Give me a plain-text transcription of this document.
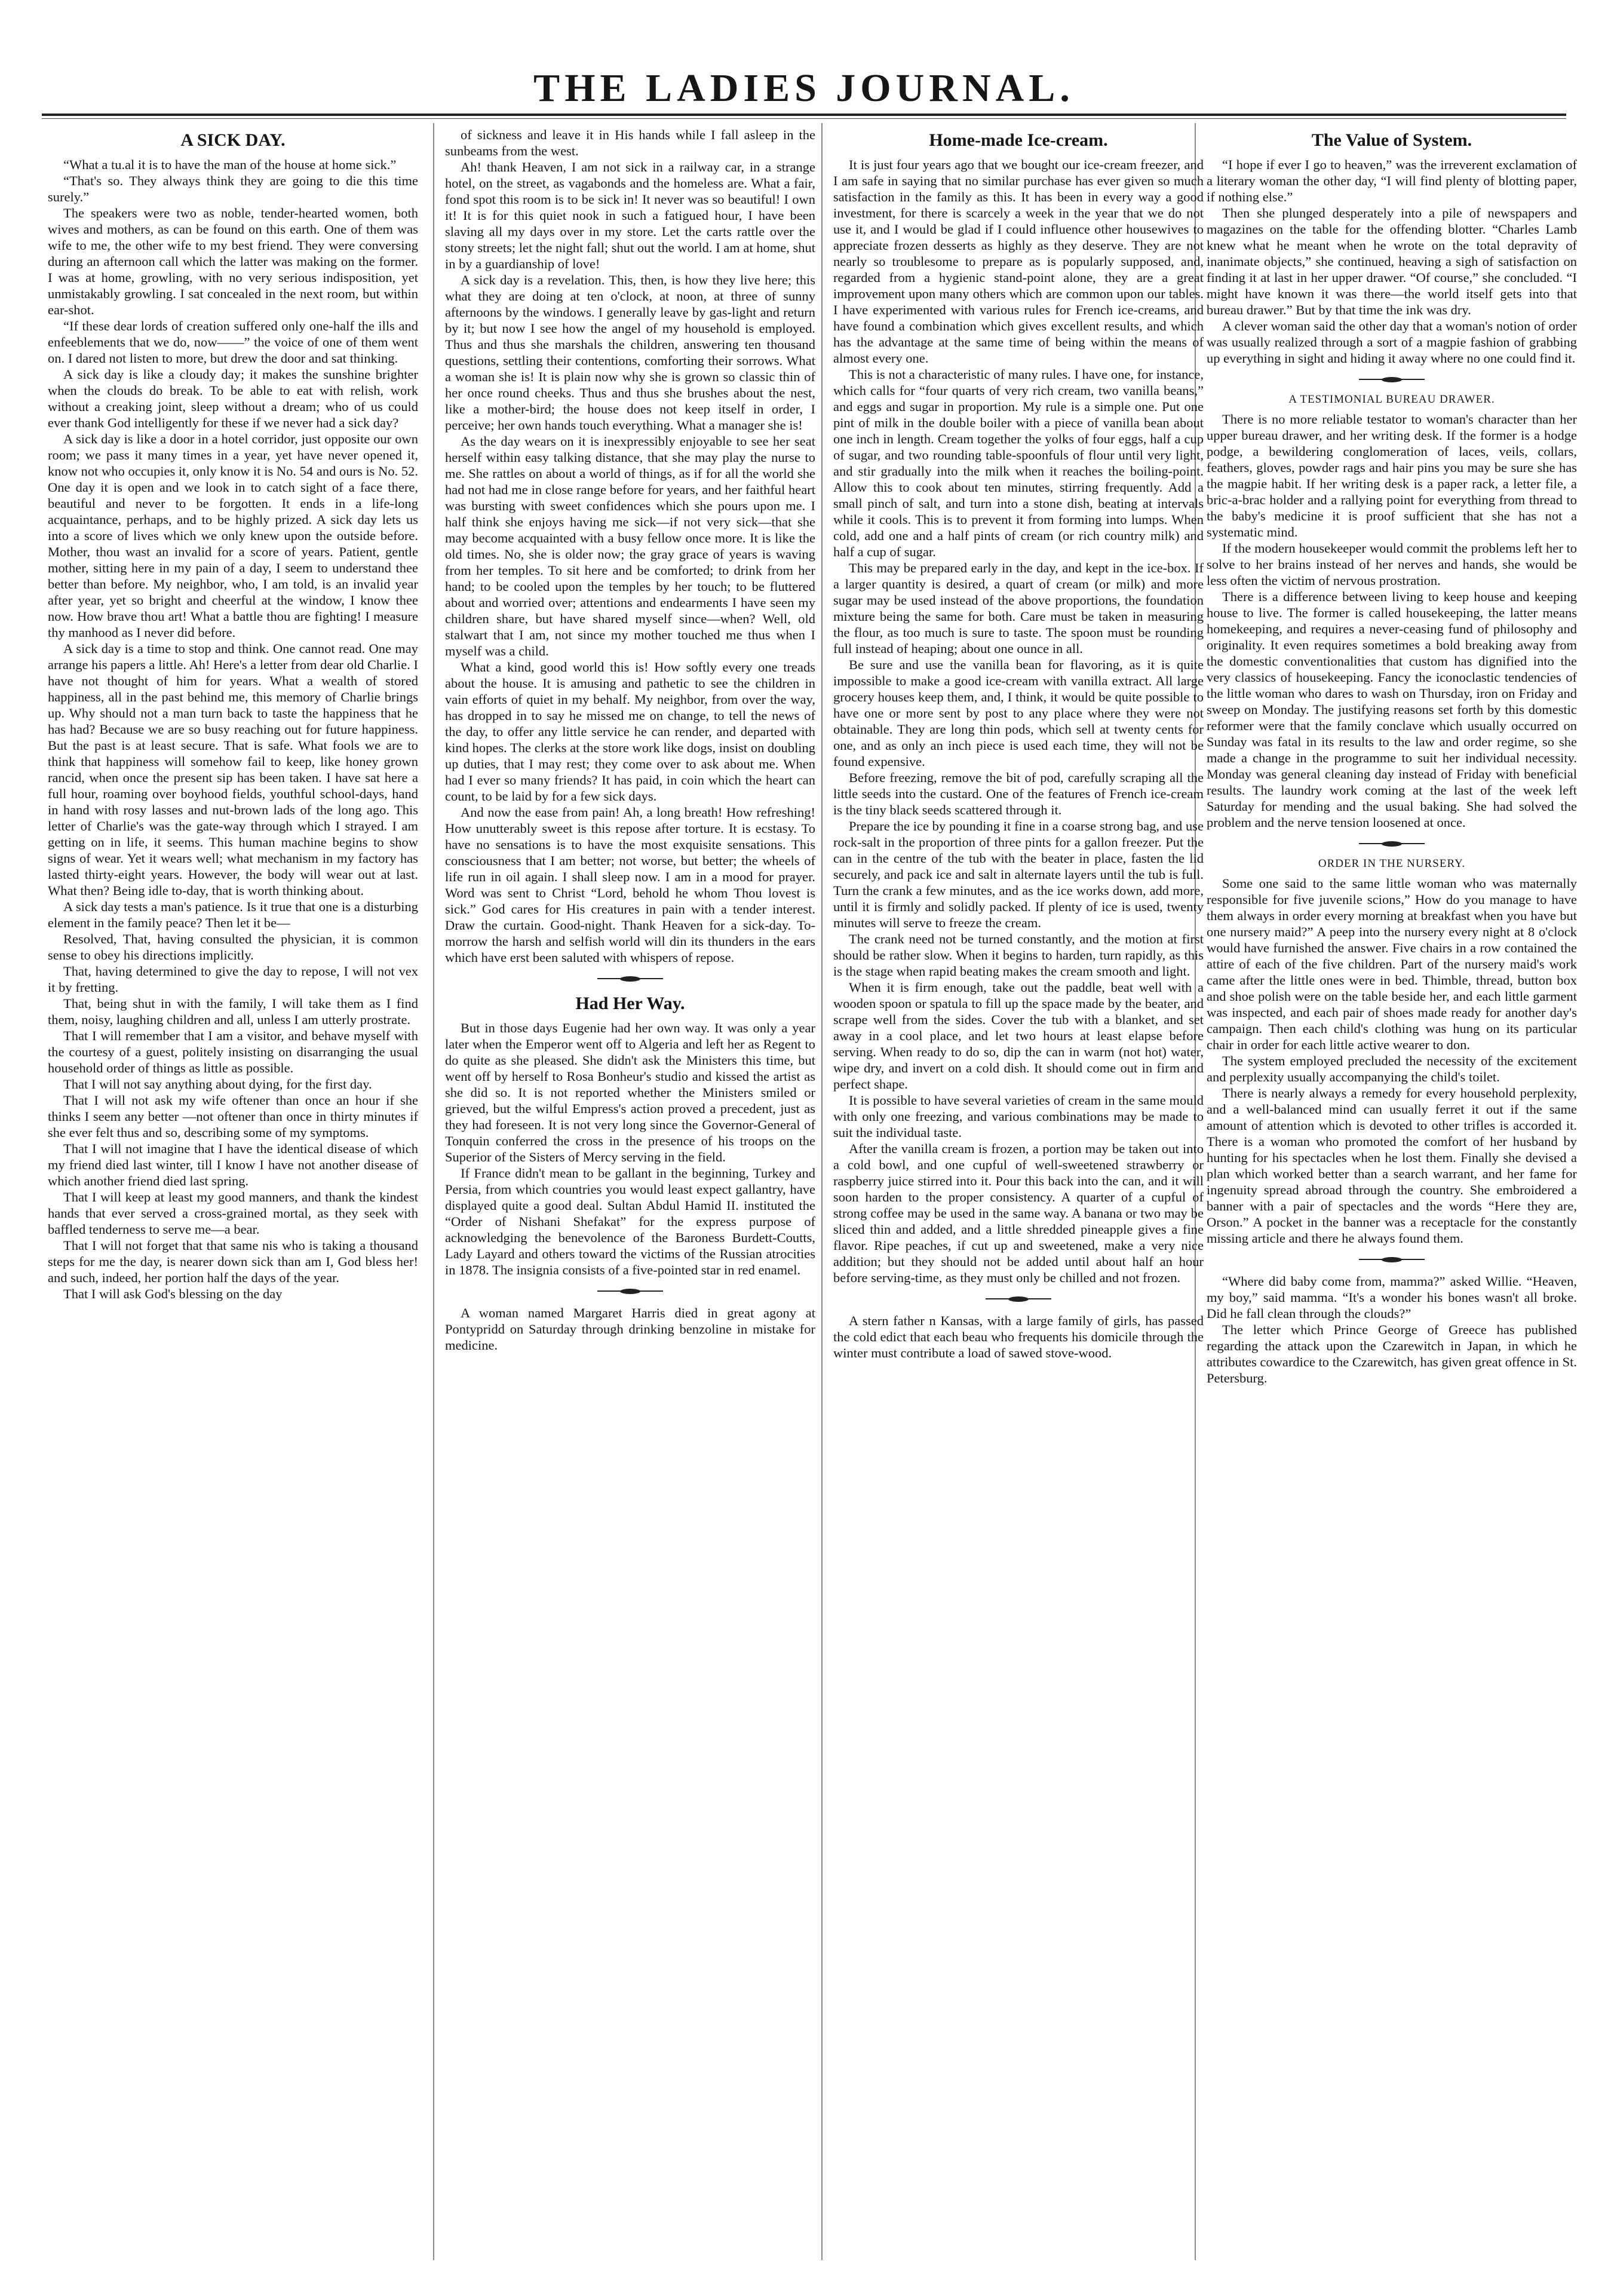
THE LADIES JOURNAL.
A SICK DAY.

“What a tu.al it is to have the man of the house at home sick.”

“That's so. They always think they are going to die this time surely.”

The speakers were two as noble, tender-hearted women, both wives and mothers, as can be found on this earth. One of them was wife to me, the other wife to my best friend. They were conversing during an afternoon call which the latter was making on the former. I was at home, growling, with no very serious indisposition, yet unmistakably growling. I sat concealed in the next room, but within ear-shot.

“If these dear lords of creation suffered only one-half the ills and enfeeblements that we do, now——” the voice of one of them went on. I dared not listen to more, but drew the door and sat thinking.

A sick day is like a cloudy day; it makes the sunshine brighter when the clouds do break. To be able to eat with relish, work without a creaking joint, sleep without a dream; who of us could ever thank God intelligently for these if we never had a sick day?

A sick day is like a door in a hotel corridor, just opposite our own room; we pass it many times in a year, yet have never opened it, know not who occupies it, only know it is No. 54 and ours is No. 52. One day it is open and we look in to catch sight of a face there, beautiful and never to be forgotten. It ends in a life-long acquaintance, perhaps, and to be highly prized. A sick day lets us into a score of lives which we only knew upon the outside before. Mother, thou wast an invalid for a score of years. Patient, gentle mother, sitting here in my pain of a day, I seem to understand thee better than before. My neighbor, who, I am told, is an invalid year after year, yet so bright and cheerful at the window, I know thee now. How brave thou art! What a battle thou are fighting! I measure thy manhood as I never did before.

A sick day is a time to stop and think. One cannot read. One may arrange his papers a little. Ah! Here's a letter from dear old Charlie. I have not thought of him for years. What a wealth of stored happiness, all in the past behind me, this memory of Charlie brings up. Why should not a man turn back to taste the happiness that he has had? Because we are so busy reaching out for future happiness. But the past is at least secure. That is safe. What fools we are to think that happiness will somehow fail to keep, like honey grown rancid, when once the present sip has been taken. I have sat here a full hour, roaming over boyhood fields, youthful school-days, hand in hand with rosy lasses and nut-brown lads of the long ago. This letter of Charlie's was the gate-way through which I strayed. I am getting on in life, it seems. This human machine begins to show signs of wear. Yet it wears well; what mechanism in my factory has lasted thirty-eight years. However, the body will wear out at last. What then? Being idle to-day, that is worth thinking about.

A sick day tests a man's patience. Is it true that one is a disturbing element in the family peace? Then let it be—

Resolved, That, having consulted the physician, it is common sense to obey his directions implicitly.

That, having determined to give the day to repose, I will not vex it by fretting.

That, being shut in with the family, I will take them as I find them, noisy, laughing children and all, unless I am utterly prostrate.

That I will remember that I am a visitor, and behave myself with the courtesy of a guest, politely insisting on disarranging the usual household order of things as little as possible.

That I will not say anything about dying, for the first day.

That I will not ask my wife oftener than once an hour if she thinks I seem any better —not oftener than once in thirty minutes if she ever felt thus and so, describing some of my symptoms.

That I will not imagine that I have the identical disease of which my friend died last winter, till I know I have not another disease of which another friend died last spring.

That I will keep at least my good manners, and thank the kindest hands that ever served a cross-grained mortal, as they seek with baffled tenderness to serve me—a bear.

That I will not forget that that same nis who is taking a thousand steps for me the day, is nearer down sick than am I, God bless her! and such, indeed, her portion half the days of the year.

That I will ask God's blessing on the day

of sickness and leave it in His hands while I fall asleep in the sunbeams from the west.

Ah! thank Heaven, I am not sick in a railway car, in a strange hotel, on the street, as vagabonds and the homeless are. What a fair, fond spot this room is to be sick in! It never was so beautiful! I own it! It is for this quiet nook in such a fatigued hour, I have been slaving all my days over in my store. Let the carts rattle over the stony streets; let the night fall; shut out the world. I am at home, shut in by a guardianship of love!

A sick day is a revelation. This, then, is how they live here; this what they are doing at ten o'clock, at noon, at three of sunny afternoons by the windows. I generally leave by gas-light and return by it; but now I see how the angel of my household is employed. Thus and thus she marshals the children, answering ten thousand questions, settling their contentions, comforting their sorrows. What a woman she is! It is plain now why she is grown so classic thin of her once round cheeks. Thus and thus she brushes about the nest, like a mother-bird; the house does not keep itself in order, I perceive; her own hands touch everything. What a manager she is!

As the day wears on it is inexpressibly enjoyable to see her seat herself within easy talking distance, that she may play the nurse to me. She rattles on about a world of things, as if for all the world she had not had me in close range before for years, and her faithful heart was bursting with sweet confidences which she pours upon me. I half think she enjoys having me sick—if not very sick—that she may become acquainted with a busy fellow once more. It is like the old times. No, she is older now; the gray grace of years is waving from her temples. To sit here and be comforted; to drink from her hand; to be cooled upon the temples by her touch; to be fluttered about and worried over; attentions and endearments I have seen my children share, but have shared myself since—when? Well, old stalwart that I am, not since my mother touched me thus when I myself was a child.

What a kind, good world this is! How softly every one treads about the house. It is amusing and pathetic to see the children in vain efforts of quiet in my behalf. My neighbor, from over the way, has dropped in to say he missed me on change, to tell the news of the day, to offer any little service he can render, and departed with kind hopes. The clerks at the store work like dogs, insist on doubling up duties, that I may rest; they come over to ask about me. When had I ever so many friends? It has paid, in coin which the heart can count, to be laid by for a few sick days.

And now the ease from pain! Ah, a long breath! How refreshing! How unutterably sweet is this repose after torture. It is ecstasy. To have no sensations is to have the most exquisite sensations. This consciousness that I am better; not worse, but better; the wheels of life run in oil again. I shall sleep now. I am in a mood for prayer. Word was sent to Christ “Lord, behold he whom Thou lovest is sick.” God cares for His creatures in pain with a tender interest. Draw the curtain. Good-night. Thank Heaven for a sick-day. To-morrow the harsh and selfish world will din its thunders in the ears which have erst been saluted with whispers of repose.

Had Her Way.

But in those days Eugenie had her own way. It was only a year later when the Emperor went off to Algeria and left her as Regent to do quite as she pleased. She didn't ask the Ministers this time, but went off by herself to Rosa Bonheur's studio and kissed the artist as she did so. It is not reported whether the Ministers smiled or grieved, but the wilful Empress's action proved a precedent, just as they had foreseen. It is not very long since the Governor-General of Tonquin conferred the cross in the presence of his troops on the Superior of the Sisters of Mercy serving in the field.

If France didn't mean to be gallant in the beginning, Turkey and Persia, from which countries you would least expect gallantry, have displayed quite a good deal. Sultan Abdul Hamid II. instituted the “Order of Nishani Shefakat” for the express purpose of acknowledging the benevolence of the Baroness Burdett-Coutts, Lady Layard and others toward the victims of the Russian atrocities in 1878. The insignia consists of a five-pointed star in red enamel.

A woman named Margaret Harris died in great agony at Pontypridd on Saturday through drinking benzoline in mistake for medicine.

Home-made Ice-cream.

It is just four years ago that we bought our ice-cream freezer, and I am safe in saying that no similar purchase has ever given so much satisfaction in the family as this. It has been in every way a good investment, for there is scarcely a week in the year that we do not use it, and I would be glad if I could influence other housewives to appreciate frozen desserts as highly as they deserve. They are not nearly so troublesome to prepare as is popularly supposed, and, regarded from a hygienic stand-point alone, they are a great improvement upon many others which are common upon our tables. I have experimented with various rules for French ice-creams, and have found a combination which gives excellent results, and which has the advantage at the same time of being within the means of almost every one.

This is not a characteristic of many rules. I have one, for instance, which calls for “four quarts of very rich cream, two vanilla beans,” and eggs and sugar in proportion. My rule is a simple one. Put one pint of milk in the double boiler with a piece of vanilla bean about one inch in length. Cream together the yolks of four eggs, half a cup of sugar, and two rounding table-spoonfuls of flour until very light, and stir gradually into the milk when it reaches the boiling-point. Allow this to cook about ten minutes, stirring frequently. Add a small pinch of salt, and turn into a stone dish, beating at intervals while it cools. This is to prevent it from forming into lumps. When cold, add one and a half pints of cream (or rich country milk) and half a cup of sugar.

This may be prepared early in the day, and kept in the ice-box. If a larger quantity is desired, a quart of cream (or milk) and more sugar may be used instead of the above proportions, the foundation mixture being the same for both. Care must be taken in measuring the flour, as too much is sure to taste. The spoon must be rounding full instead of heaping; about one ounce in all.

Be sure and use the vanilla bean for flavoring, as it is quite impossible to make a good ice-cream with vanilla extract. All large grocery houses keep them, and, I think, it would be quite possible to have one or more sent by post to any place where they were not obtainable. They are long thin pods, which sell at twenty cents for one, and as only an inch piece is used each time, they will not be found expensive.

Before freezing, remove the bit of pod, carefully scraping all the little seeds into the custard. One of the features of French ice-cream is the tiny black seeds scattered through it.

Prepare the ice by pounding it fine in a coarse strong bag, and use rock-salt in the proportion of three pints for a gallon freezer. Put the can in the centre of the tub with the beater in place, fasten the lid securely, and pack ice and salt in alternate layers until the tub is full. Turn the crank a few minutes, and as the ice works down, add more, until it is firmly and solidly packed. If plenty of ice is used, twenty minutes will serve to freeze the cream.

The crank need not be turned constantly, and the motion at first should be rather slow. When it begins to harden, turn rapidly, as this is the stage when rapid beating makes the cream smooth and light.

When it is firm enough, take out the paddle, beat well with a wooden spoon or spatula to fill up the space made by the beater, and scrape well from the sides. Cover the tub with a blanket, and set away in a cool place, and let two hours at least elapse before serving. When ready to do so, dip the can in warm (not hot) water, wipe dry, and invert on a cold dish. It should come out in firm and perfect shape.

It is possible to have several varieties of cream in the same mould with only one freezing, and various combinations may be made to suit the individual taste.

After the vanilla cream is frozen, a portion may be taken out into a cold bowl, and one cupful of well-sweetened strawberry or raspberry juice stirred into it. Pour this back into the can, and it will soon harden to the proper consistency. A quarter of a cupful of strong coffee may be used in the same way. A banana or two may be sliced thin and added, and a little shredded pineapple gives a fine flavor. Ripe peaches, if cut up and sweetened, make a very nice addition; but they should not be added until about half an hour before serving-time, as they must only be chilled and not frozen.

A stern father n Kansas, with a large family of girls, has passed the cold edict that each beau who frequents his domicile through the winter must contribute a load of sawed stove-wood.

The Value of System.

“I hope if ever I go to heaven,” was the irreverent exclamation of a literary woman the other day, “I will find plenty of blotting paper, if nothing else.”

Then she plunged desperately into a pile of newspapers and magazines on the table for the offending blotter. “Charles Lamb knew what he meant when he wrote on the total depravity of inanimate objects,” she continued, heaving a sigh of satisfaction on finding it at last in her upper drawer. “Of course,” she concluded. “I might have known it was there—the world itself gets into that bureau drawer.” But by that time the ink was dry.

A clever woman said the other day that a woman's notion of order was usually realized through a sort of a magpie fashion of grabbing up everything in sight and hiding it away where no one could find it.

A TESTIMONIAL BUREAU DRAWER.

There is no more reliable testator to woman's character than her upper bureau drawer, and her writing desk. If the former is a hodge podge, a bewildering conglomeration of laces, veils, collars, feathers, gloves, powder rags and hair pins you may be sure she has the magpie habit. If her writing desk is a paper rack, a letter file, a bric-a-brac holder and a rallying point for everything from thread to the baby's medicine it is proof sufficient that she has not a systematic mind.

If the modern housekeeper would commit the problems left her to solve to her brains instead of her nerves and hands, she would be less often the victim of nervous prostration.

There is a difference between living to keep house and keeping house to live. The former is called housekeeping, the latter means homekeeping, and requires a never-ceasing fund of philosophy and originality. It even requires sometimes a bold breaking away from the domestic conventionalities that custom has dignified into the very classics of housekeeping. Fancy the iconoclastic tendencies of the little woman who dares to wash on Thursday, iron on Friday and sweep on Monday. The justifying reasons set forth by this domestic reformer were that the family conclave which usually occurred on Sunday was fatal in its results to the law and order regime, so she made a change in the programme to suit her individual necessity. Monday was general cleaning day instead of Friday with beneficial results. The laundry work coming at the last of the week left Saturday for mending and the usual baking. She had solved the problem and the nerve tension loosened at once.

ORDER IN THE NURSERY.

Some one said to the same little woman who was maternally responsible for five juvenile scions,” How do you manage to have them always in order every morning at breakfast when you have but one nursery maid?” A peep into the nursery every night at 8 o'clock would have furnished the answer. Five chairs in a row contained the attire of each of the five children. Part of the nursery maid's work came after the little ones were in bed. Thimble, thread, button box and shoe polish were on the table beside her, and each little garment was inspected, and each pair of shoes made ready for another day's campaign. Then each child's clothing was hung on its particular chair in order for each little active wearer to don.

The system employed precluded the necessity of the excitement and perplexity usually accompanying the child's toilet.

There is nearly always a remedy for every household perplexity, and a well-balanced mind can usually ferret it out if the same amount of attention which is devoted to other trifles is accorded it. There is a woman who promoted the comfort of her husband by hunting for his spectacles when he lost them. Finally she devised a plan which worked better than a search warrant, and her fame for ingenuity spread abroad through the country. She embroidered a banner with a pair of spectacles and the words “Here they are, Orson.” A pocket in the banner was a receptacle for the constantly missing article and there he always found them.

“Where did baby come from, mamma?” asked Willie. “Heaven, my boy,” said mamma. “It's a wonder his bones wasn't all broke. Did he fall clean through the clouds?”

The letter which Prince George of Greece has published regarding the attack upon the Czarewitch in Japan, in which he attributes cowardice to the Czarewitch, has given great offence in St. Petersburg.
